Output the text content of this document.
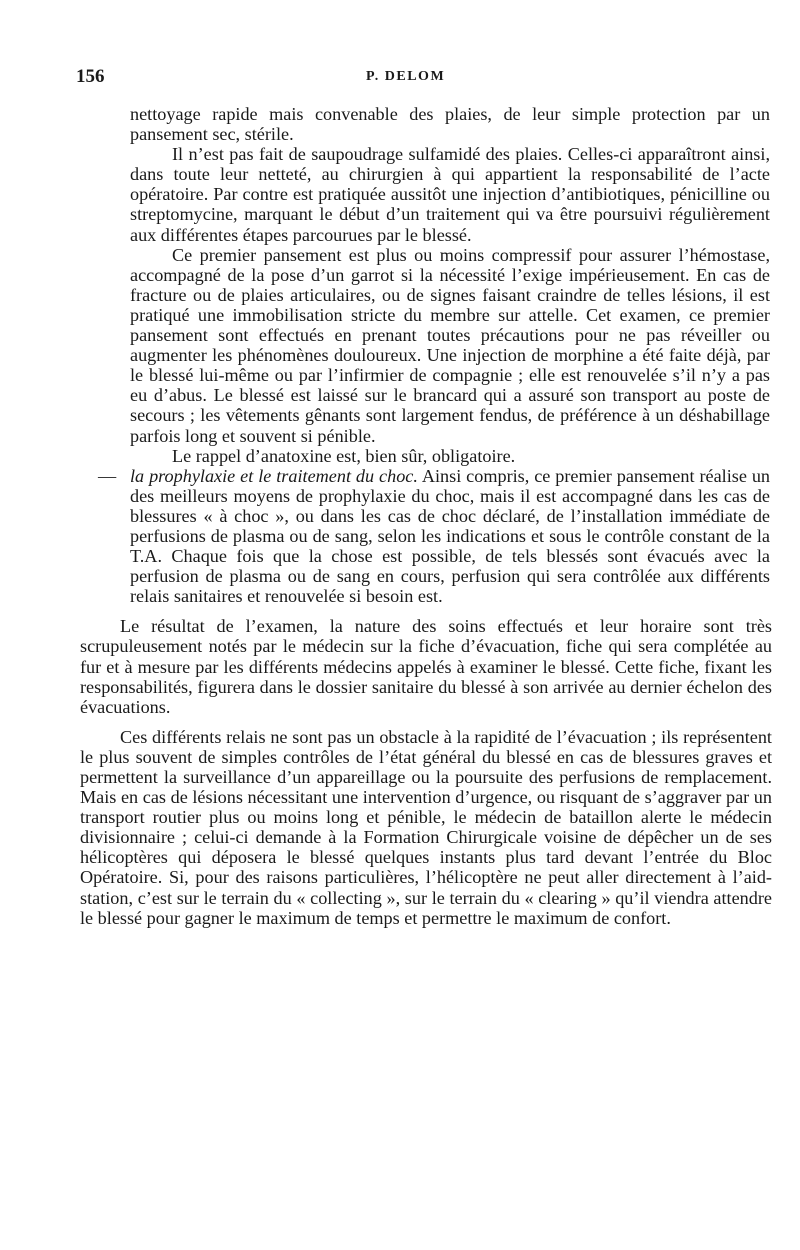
156	P. DELOM

nettoyage rapide mais convenable des plaies, de leur simple protection par un pansement sec, stérile.

Il n’est pas fait de saupoudrage sulfamidé des plaies. Celles-ci apparaîtront ainsi, dans toute leur netteté, au chirurgien à qui appartient la responsabilité de l’acte opératoire. Par contre est pratiquée aussitôt une injection d’antibiotiques, pénicilline ou streptomycine, marquant le début d’un traitement qui va être poursuivi régulièrement aux différentes étapes parcourues par le blessé.

Ce premier pansement est plus ou moins compressif pour assurer l’hémostase, accompagné de la pose d’un garrot si la nécessité l’exige impérieusement. En cas de fracture ou de plaies articulaires, ou de signes faisant craindre de telles lésions, il est pratiqué une immobilisation stricte du membre sur attelle. Cet examen, ce premier pansement sont effectués en prenant toutes précautions pour ne pas réveiller ou augmenter les phénomènes douloureux. Une injection de morphine a été faite déjà, par le blessé lui-même ou par l’infirmier de compagnie ; elle est renouvelée s’il n’y a pas eu d’abus. Le blessé est laissé sur le brancard qui a assuré son transport au poste de secours ; les vêtements gênants sont largement fendus, de préférence à un déshabillage parfois long et souvent si pénible.

Le rappel d’anatoxine est, bien sûr, obligatoire.

— la prophylaxie et le traitement du choc. Ainsi compris, ce premier pansement réalise un des meilleurs moyens de prophylaxie du choc, mais il est accompagné dans les cas de blessures « à choc », ou dans les cas de choc déclaré, de l’installation immédiate de perfusions de plasma ou de sang, selon les indications et sous le contrôle constant de la T.A. Chaque fois que la chose est possible, de tels blessés sont évacués avec la perfusion de plasma ou de sang en cours, perfusion qui sera contrôlée aux différents relais sanitaires et renouvelée si besoin est.

Le résultat de l’examen, la nature des soins effectués et leur horaire sont très scrupuleusement notés par le médecin sur la fiche d’évacuation, fiche qui sera complétée au fur et à mesure par les différents médecins appelés à examiner le blessé. Cette fiche, fixant les responsabilités, figurera dans le dossier sanitaire du blessé à son arrivée au dernier échelon des évacuations.

Ces différents relais ne sont pas un obstacle à la rapidité de l’évacuation ; ils représentent le plus souvent de simples contrôles de l’état général du blessé en cas de blessures graves et permettent la surveillance d’un appareillage ou la poursuite des perfusions de remplacement. Mais en cas de lésions nécessitant une intervention d’urgence, ou risquant de s’aggraver par un transport routier plus ou moins long et pénible, le médecin de bataillon alerte le médecin divisionnaire ; celui-ci demande à la Formation Chirurgicale voisine de dépêcher un de ses hélicoptères qui déposera le blessé quelques instants plus tard devant l’entrée du Bloc Opératoire. Si, pour des raisons particulières, l’hélicoptère ne peut aller directement à l’aid-station, c’est sur le terrain du « collecting », sur le terrain du « clearing » qu’il viendra attendre le blessé pour gagner le maximum de temps et permettre le maximum de confort.
